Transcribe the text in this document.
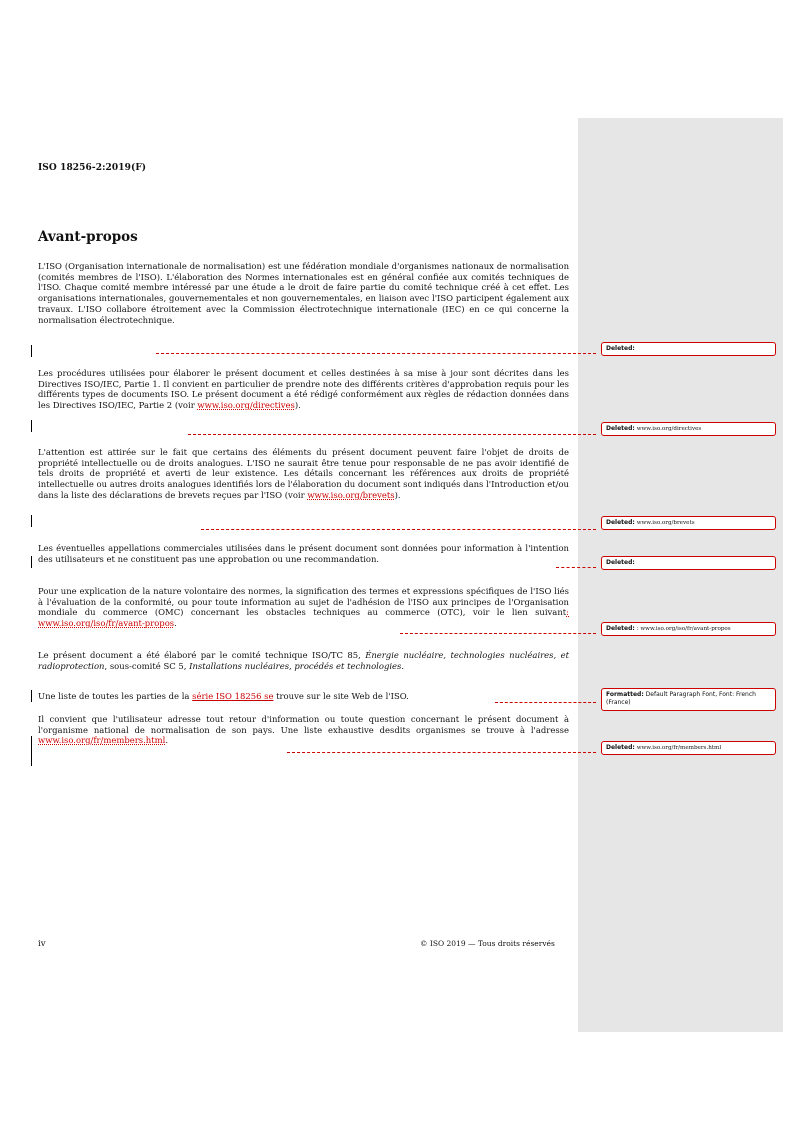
ISO 18256-2:2019(F)
Avant-propos

L'ISO (Organisation internationale de normalisation) est une fédération mondiale d'organismes nationaux de normalisation (comités membres de l'ISO). L'élaboration des Normes internationales est en général confiée aux comités techniques de l'ISO. Chaque comité membre intéressé par une étude a le droit de faire partie du comité technique créé à cet effet. Les organisations internationales, gouvernementales et non gouvernementales, en liaison avec l'ISO participent également aux travaux. L'ISO collabore étroitement avec la Commission électrotechnique internationale (IEC) en ce qui concerne la normalisation électrotechnique.

Les procédures utilisées pour élaborer le présent document et celles destinées à sa mise à jour sont décrites dans les Directives ISO/IEC, Partie 1. Il convient en particulier de prendre note des différents critères d'approbation requis pour les différents types de documents ISO. Le présent document a été rédigé conformément aux règles de rédaction données dans les Directives ISO/IEC, Partie 2 (voir www.iso.org/directives).

L'attention est attirée sur le fait que certains des éléments du présent document peuvent faire l'objet de droits de propriété intellectuelle ou de droits analogues. L'ISO ne saurait être tenue pour responsable de ne pas avoir identifié de tels droits de propriété et averti de leur existence. Les détails concernant les références aux droits de propriété intellectuelle ou autres droits analogues identifiés lors de l'élaboration du document sont indiqués dans l'Introduction et/ou dans la liste des déclarations de brevets reçues par l'ISO (voir www.iso.org/brevets).

Les éventuelles appellations commerciales utilisées dans le présent document sont données pour information à l'intention des utilisateurs et ne constituent pas une approbation ou une recommandation.

Pour une explication de la nature volontaire des normes, la signification des termes et expressions spécifiques de l'ISO liés à l'évaluation de la conformité, ou pour toute information au sujet de l'adhésion de l'ISO aux principes de l'Organisation mondiale du commerce (OMC) concernant les obstacles techniques au commerce (OTC), voir le lien suivant: www.iso.org/iso/fr/avant-propos.

Le présent document a été élaboré par le comité technique ISO/TC 85, Énergie nucléaire, technologies nucléaires, et radioprotection, sous-comité SC 5, Installations nucléaires, procédés et technologies.

Une liste de toutes les parties de la série ISO 18256 se trouve sur le site Web de l'ISO.

Il convient que l'utilisateur adresse tout retour d'information ou toute question concernant le présent document à l'organisme national de normalisation de son pays. Une liste exhaustive desdits organismes se trouve à l'adresse www.iso.org/fr/members.html.

Deleted:
Deleted: www.iso.org/directives
Deleted: www.iso.org/brevets
Deleted:
Deleted: : www.iso.org/iso/fr/avant-propos
Formatted: Default Paragraph Font, Font: French (France)
Deleted: www.iso.org/fr/members.html
iv	© ISO 2019 — Tous droits réservés
